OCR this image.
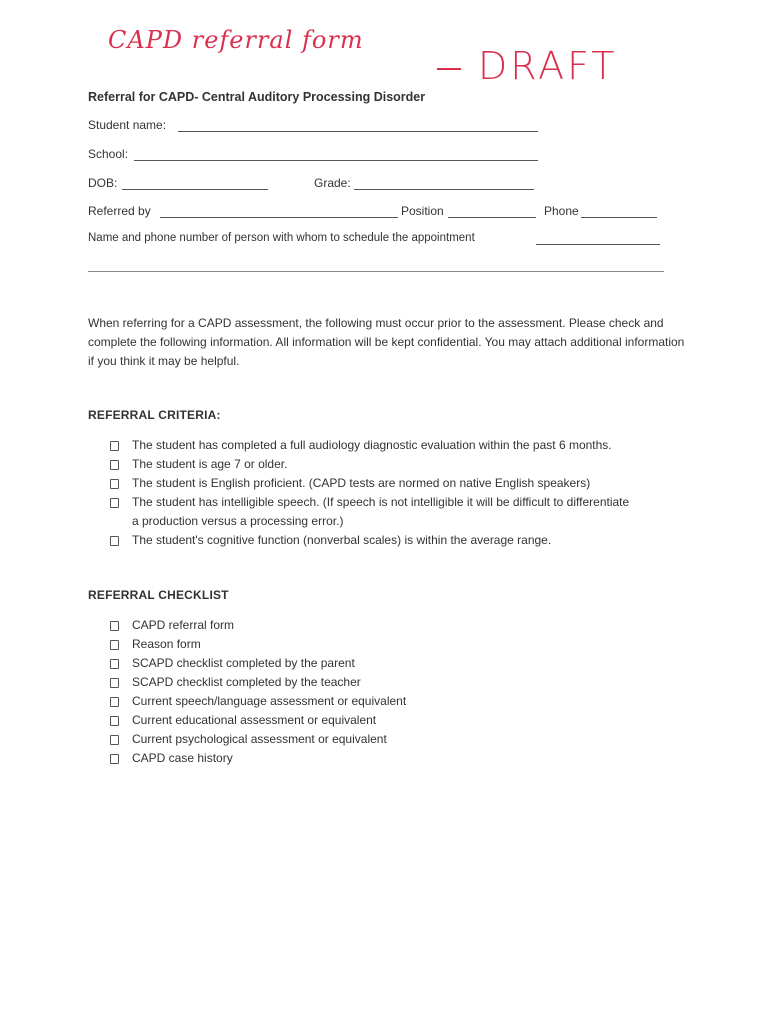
CAPD referral form
DRAFT
Referral for CAPD- Central Auditory Processing Disorder
Student name:
School:
DOB:	Grade:
Referred by	Position	Phone
Name and phone number of person with whom to schedule the appointment
When referring for a CAPD assessment, the following must occur prior to the assessment. Please check and complete the following information. All information will be kept confidential. You may attach additional information if you think it may be helpful.
REFERRAL CRITERIA:
The student has completed a full audiology diagnostic evaluation within the past 6 months.
The student is age 7 or older.
The student is English proficient. (CAPD tests are normed on native English speakers)
The student has intelligible speech. (If speech is not intelligible it will be difficult to differentiate
a production versus a processing error.)
The student's cognitive function (nonverbal scales) is within the average range.
REFERRAL CHECKLIST
CAPD referral form
Reason form
SCAPD checklist completed by the parent
SCAPD checklist completed by the teacher
Current speech/language assessment or equivalent
Current educational assessment or equivalent
Current psychological assessment or equivalent
CAPD case history
